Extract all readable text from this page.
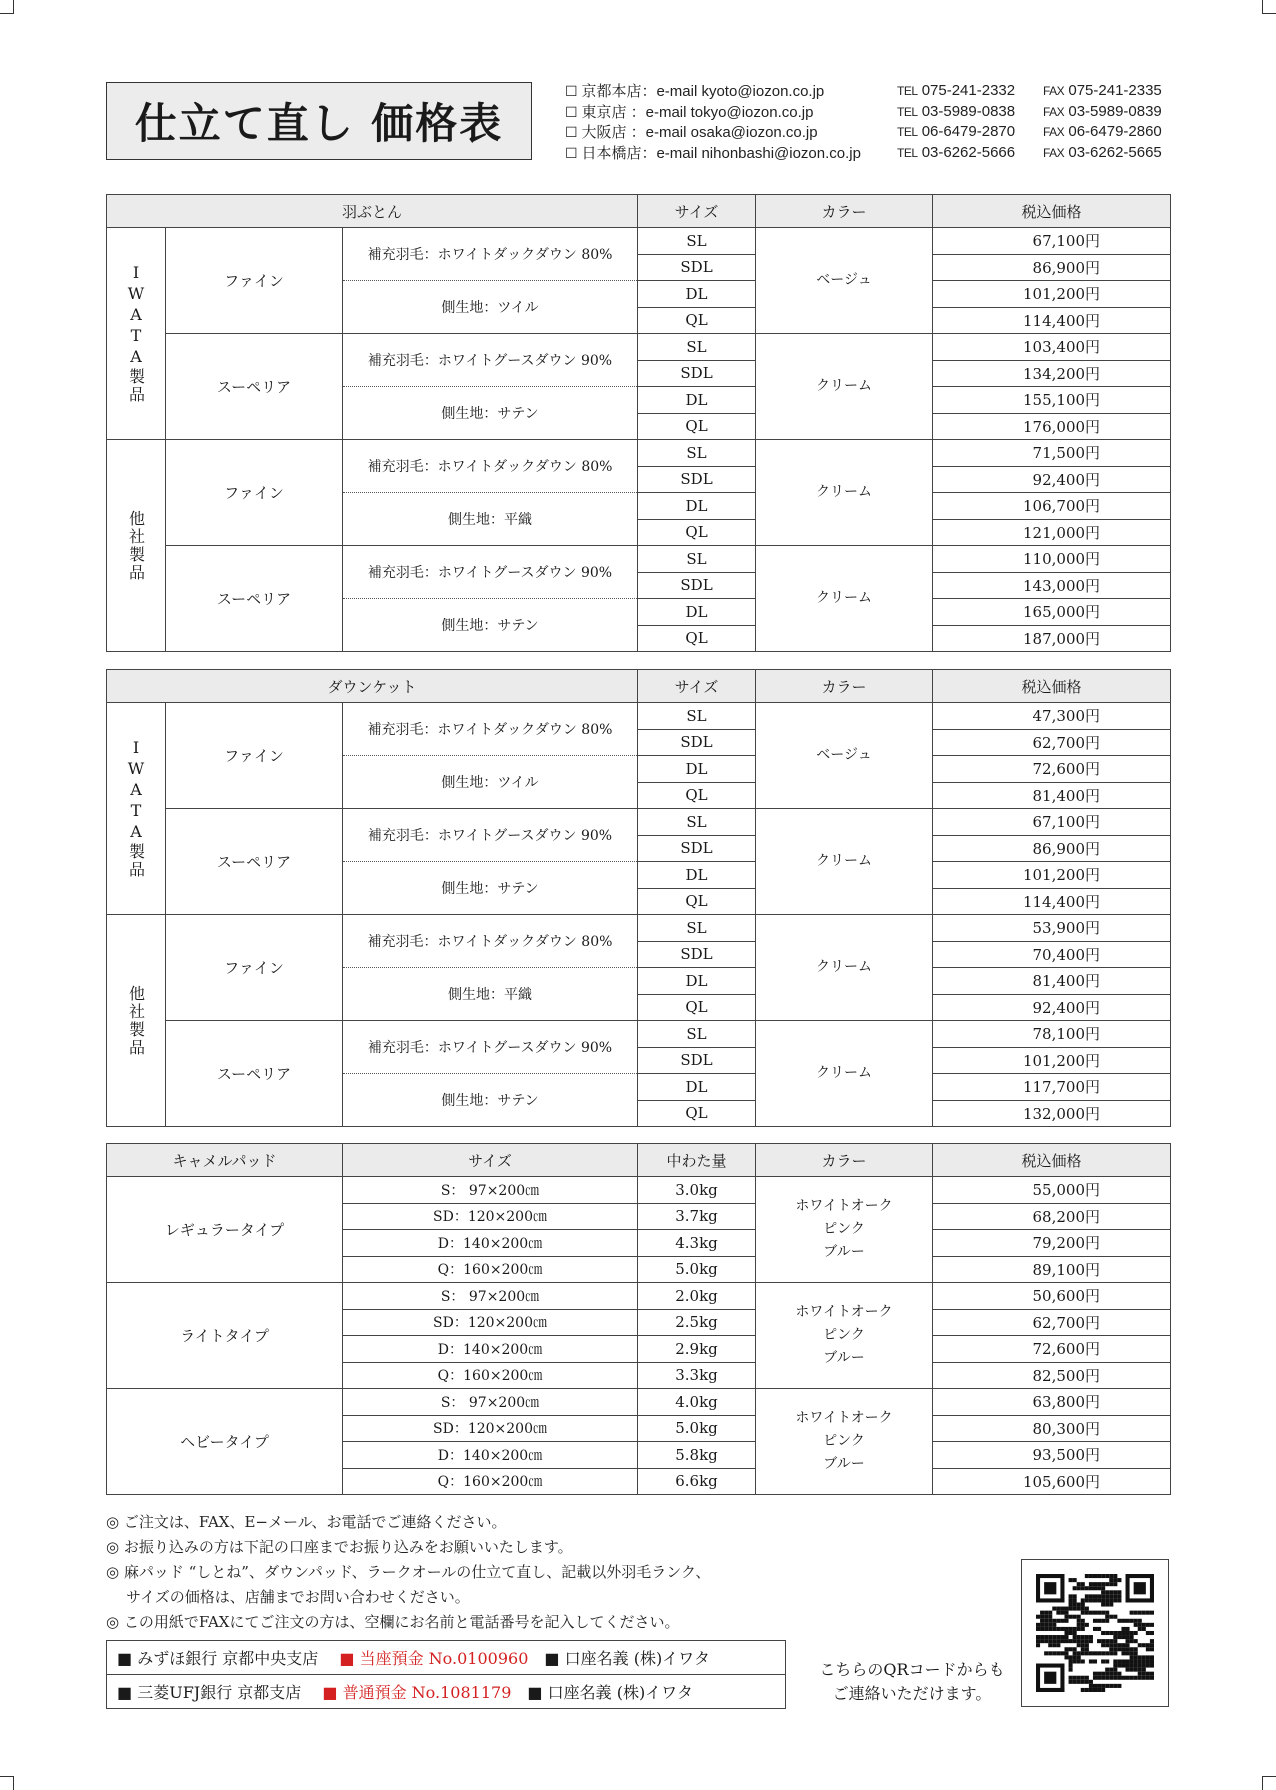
仕立て直し 価格表
☐ 京都本店：e-mail kyoto@iozon.co.jp	TEL 075-241-2332	FAX 075-241-2335
☐ 東京店 ：e-mail tokyo@iozon.co.jp	TEL 03-5989-0838	FAX 03-5989-0839
☐ 大阪店 ：e-mail osaka@iozon.co.jp	TEL 06-6479-2870	FAX 06-6479-2860
☐ 日本橋店：e-mail nihonbashi@iozon.co.jp	TEL 03-6262-5666	FAX 03-6262-5665
羽ぶとん			サイズ	カラー	税込価格
IWATA製品	ファイン	補充羽毛：ホワイトダックダウン 80%	SL	ベージュ	67,100円
			SDL		86,900円
		側生地：ツイル	DL		101,200円
			QL		114,400円
	スーペリア	補充羽毛：ホワイトグースダウン 90%	SL	クリーム	103,400円
			SDL		134,200円
		側生地：サテン	DL		155,100円
			QL		176,000円
他社製品	ファイン	補充羽毛：ホワイトダックダウン 80%	SL	クリーム	71,500円
			SDL		92,400円
		側生地：平織	DL		106,700円
			QL		121,000円
	スーペリア	補充羽毛：ホワイトグースダウン 90%	SL	クリーム	110,000円
			SDL		143,000円
		側生地：サテン	DL		165,000円
			QL		187,000円
ダウンケット			サイズ	カラー	税込価格
IWATA製品	ファイン	補充羽毛：ホワイトダックダウン 80%	SL	ベージュ	47,300円
			SDL		62,700円
		側生地：ツイル	DL		72,600円
			QL		81,400円
	スーペリア	補充羽毛：ホワイトグースダウン 90%	SL	クリーム	67,100円
			SDL		86,900円
		側生地：サテン	DL		101,200円
			QL		114,400円
他社製品	ファイン	補充羽毛：ホワイトダックダウン 80%	SL	クリーム	53,900円
			SDL		70,400円
		側生地：平織	DL		81,400円
			QL		92,400円
	スーペリア	補充羽毛：ホワイトグースダウン 90%	SL	クリーム	78,100円
			SDL		101,200円
		側生地：サテン	DL		117,700円
			QL		132,000円
キャメルパッド	サイズ	中わた量	カラー	税込価格
レギュラータイプ	S： 97×200㎝	3.0kg	ホワイトオーク
ピンク
ブルー	55,000円
	SD：120×200㎝	3.7kg		68,200円
	D：140×200㎝	4.3kg		79,200円
	Q：160×200㎝	5.0kg		89,100円
ライトタイプ	S： 97×200㎝	2.0kg	ホワイトオーク
ピンク
ブルー	50,600円
	SD：120×200㎝	2.5kg		62,700円
	D：140×200㎝	2.9kg		72,600円
	Q：160×200㎝	3.3kg		82,500円
ヘビータイプ	S： 97×200㎝	4.0kg	ホワイトオーク
ピンク
ブルー	63,800円
	SD：120×200㎝	5.0kg		80,300円
	D：140×200㎝	5.8kg		93,500円
	Q：160×200㎝	6.6kg		105,600円
◎ ご注文は、FAX、E−メール、お電話でご連絡ください。
◎ お振り込みの方は下記の口座までお振り込みをお願いいたします。
◎ 麻パッド “しとね”、ダウンパッド、ラークオールの仕立て直し、記載以外羽毛ランク、
サイズの価格は、店舗までお問い合わせください。
◎ この用紙でFAXにてご注文の方は、空欄にお名前と電話番号を記入してください。
■ みずほ銀行 京都中央支店　	■ 当座預金 No.0100960　 ■ 口座名義 (株)イワタ
■ 三菱UFJ銀行 京都支店　	■ 普通預金 No.1081179　 ■ 口座名義 (株)イワタ
こちらのQRコードからも
ご連絡いただけます。
